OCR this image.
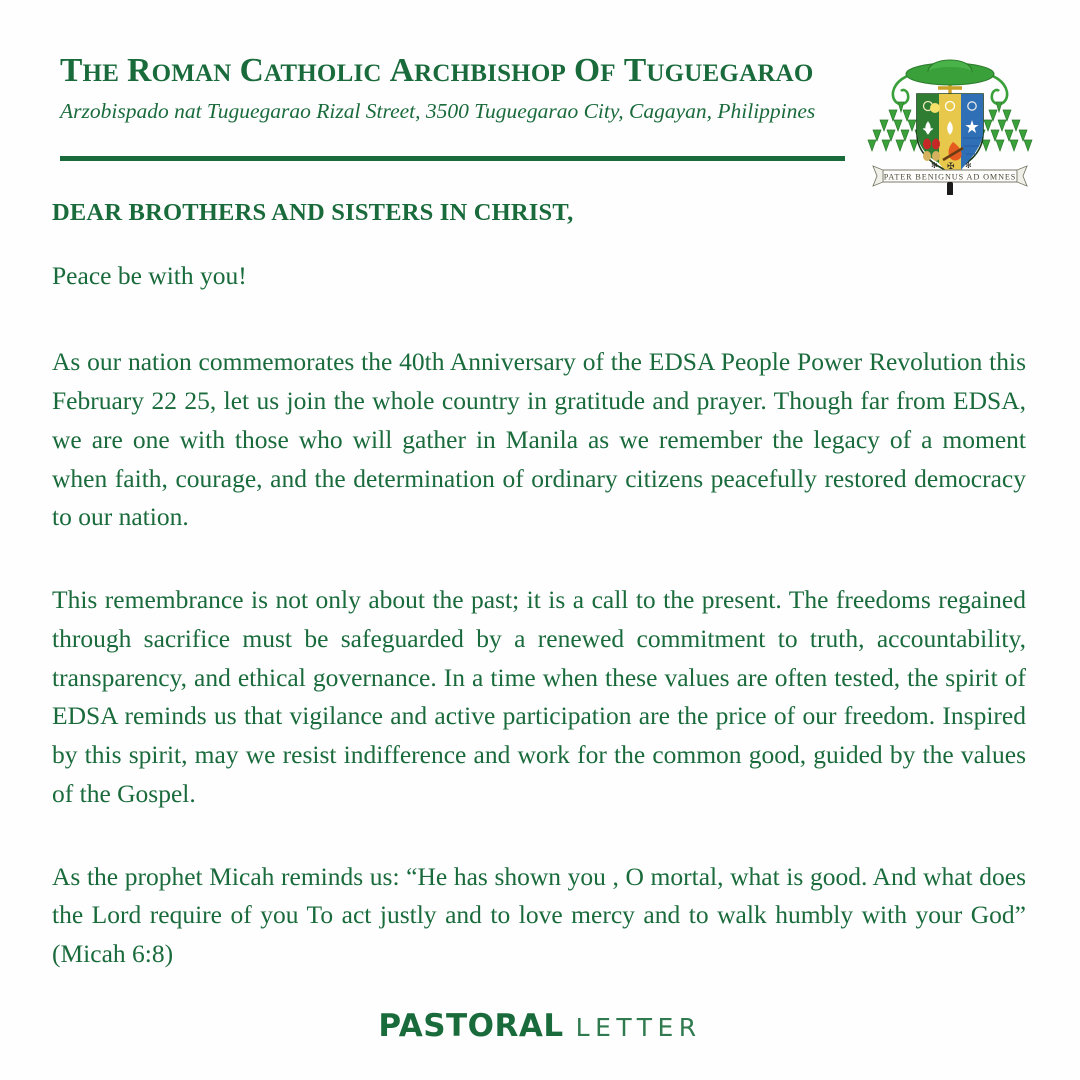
THE ROMAN CATHOLIC ARCHBISHOP OF TUGUEGARAO
Arzobispado nat Tuguegarao Rizal Street, 3500 Tuguegarao City, Cagayan, Philippines
PATER BENIGNUS AD OMNES
✻ ✠ ✻
DEAR BROTHERS AND SISTERS IN CHRIST,

Peace be with you!

As our nation commemorates the 40th Anniversary of the EDSA People Power Revolution this February 22 25, let us join the whole country in gratitude and prayer. Though far from EDSA, we are one with those who will gather in Manila as we remember the legacy of a moment when faith, courage, and the determination of ordinary citizens peacefully restored democracy to our nation.

This remembrance is not only about the past; it is a call to the present. The freedoms regained through sacrifice must be safeguarded by a renewed commitment to truth, accountability, transparency, and ethical governance. In a time when these values are often tested, the spirit of EDSA reminds us that vigilance and active participation are the price of our freedom. Inspired by this spirit, may we resist indifference and work for the common good, guided by the values of the Gospel.

As the prophet Micah reminds us: “He has shown you , O mortal, what is good. And what does the Lord require of you To act justly and to love mercy and to walk humbly with your God” (Micah 6:8)

PASTORAL LETTER
